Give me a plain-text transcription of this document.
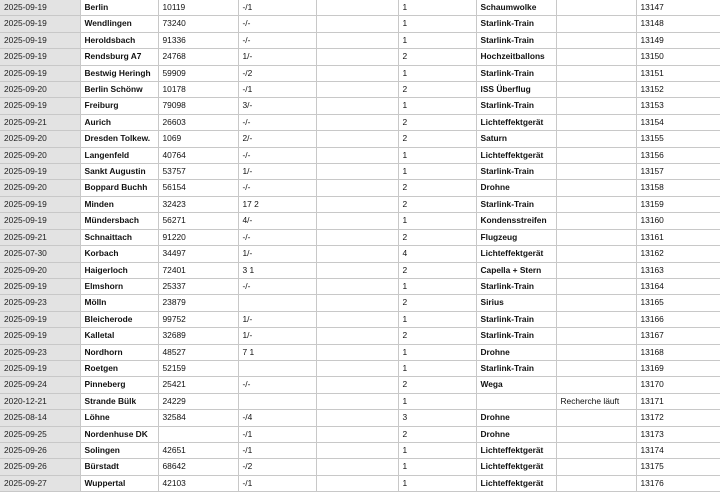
2025-09-19	Berlin	10119	-/1		1	Schaumwolke		13147
2025-09-19	Wendlingen	73240	-/-		1	Starlink-Train		13148
2025-09-19	Heroldsbach	91336	-/-		1	Starlink-Train		13149
2025-09-19	Rendsburg A7	24768	1/-		2	Hochzeitballons		13150
2025-09-19	Bestwig Heringh	59909	-/2		1	Starlink-Train		13151
2025-09-20	Berlin Schönw	10178	-/1		2	ISS Überflug		13152
2025-09-19	Freiburg	79098	3/-		1	Starlink-Train		13153
2025-09-21	Aurich	26603	-/-		2	Lichteffektgerät		13154
2025-09-20	Dresden Tolkew.	1069	2/-		2	Saturn		13155
2025-09-20	Langenfeld	40764	-/-		1	Lichteffektgerät		13156
2025-09-19	Sankt Augustin	53757	1/-		1	Starlink-Train		13157
2025-09-20	Boppard Buchh	56154	-/-		2	Drohne		13158
2025-09-19	Minden	32423	17 2		2	Starlink-Train		13159
2025-09-19	Mündersbach	56271	4/-		1	Kondensstreifen		13160
2025-09-21	Schnaittach	91220	-/-		2	Flugzeug		13161
2025-07-30	Korbach	34497	1/-		4	Lichteffektgerät		13162
2025-09-20	Haigerloch	72401	3 1		2	Capella + Stern		13163
2025-09-19	Elmshorn	25337	-/-		1	Starlink-Train		13164
2025-09-23	Mölln	23879			2	Sirius		13165
2025-09-19	Bleicherode	99752	1/-		1	Starlink-Train		13166
2025-09-19	Kalletal	32689	1/-		2	Starlink-Train		13167
2025-09-23	Nordhorn	48527	7 1		1	Drohne		13168
2025-09-19	Roetgen	52159			1	Starlink-Train		13169
2025-09-24	Pinneberg	25421	-/-		2	Wega		13170
2020-12-21	Strande Bülk	24229			1		Recherche läuft	13171
2025-08-14	Löhne	32584	-/4		3	Drohne		13172
2025-09-25	Nordenhuse DK		-/1		2	Drohne		13173
2025-09-26	Solingen	42651	-/1		1	Lichteffektgerät		13174
2025-09-26	Bürstadt	68642	-/2		1	Lichteffektgerät		13175
2025-09-27	Wuppertal	42103	-/1		1	Lichteffektgerät		13176
